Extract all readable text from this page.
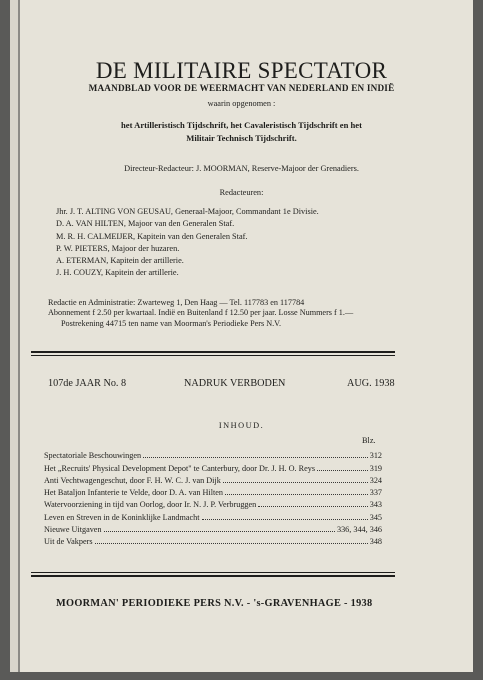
DE MILITAIRE SPECTATOR
MAANDBLAD VOOR DE WEERMACHT VAN NEDERLAND EN INDIË
waarin opgenomen :
het Artilleristisch Tijdschrift, het Cavaleristisch Tijdschrift en het
Militair Technisch Tijdschrift.
Directeur-Redacteur: J. MOORMAN, Reserve-Majoor der Grenadiers.
Redacteuren:
Jhr. J. T. ALTING VON GEUSAU, Generaal-Majoor, Commandant 1e Divisie.
D. A. VAN HILTEN, Majoor van den Generalen Staf.
M. R. H. CALMEIJER, Kapitein van den Generalen Staf.
P. W. PIETERS, Majoor der huzaren.
A. ETERMAN, Kapitein der artillerie.
J. H. COUZY, Kapitein der artillerie.
Redactie en Administratie: Zwarteweg 1, Den Haag — Tel. 117783 en 117784
Abonnement f 2.50 per kwartaal. Indië en Buitenland f 12.50 per jaar. Losse Nummers f 1.—
Postrekening 44715 ten name van Moorman's Periodieke Pers N.V.
107de JAAR No. 8	NADRUK VERBODEN	AUG. 1938
INHOUD.
Blz.
Spectatoriale Beschouwingen	312
Het „Recruits' Physical Development Depot" te Canterbury, door Dr. J. H. O. Reys	319
Anti Vechtwagengeschut, door F. H. W. C. J. van Dijk	324
Het Bataljon Infanterie te Velde, door D. A. van Hilten	337
Watervoorziening in tijd van Oorlog, door Ir. N. J. P. Verbruggen	343
Leven en Streven in de Koninklijke Landmacht	345
Nieuwe Uitgaven	336, 344, 346
Uit de Vakpers	348
MOORMAN' PERIODIEKE PERS N.V. - 's-GRAVENHAGE - 1938
